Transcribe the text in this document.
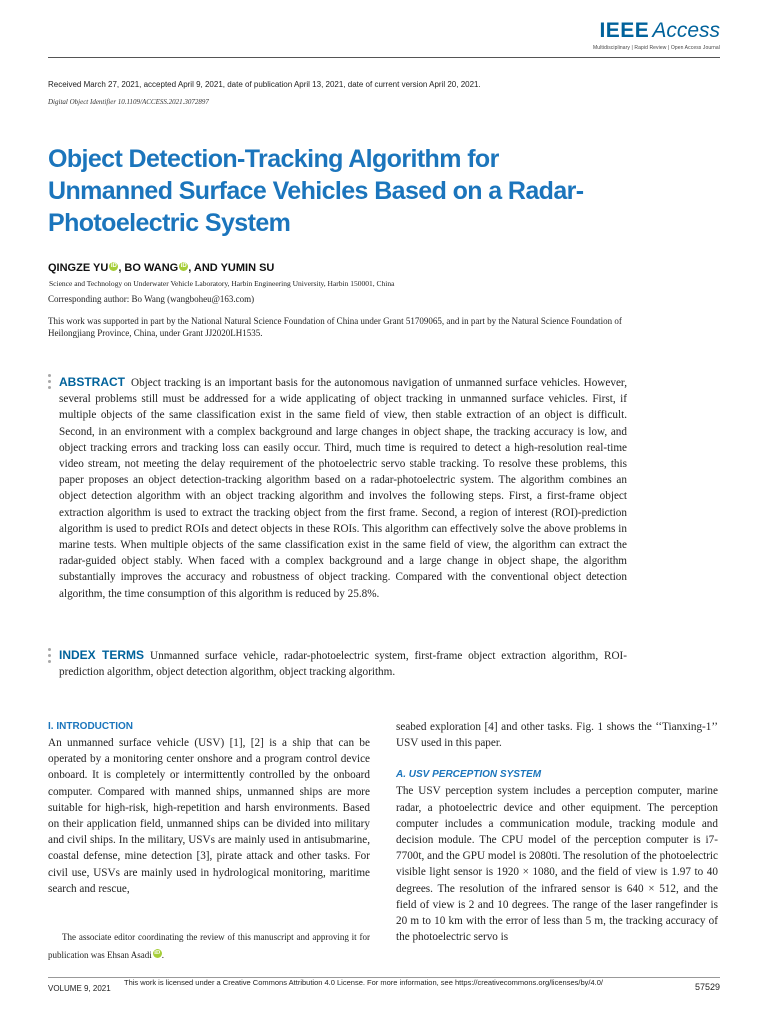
IEEE Access
Multidisciplinary | Rapid Review | Open Access Journal
Received March 27, 2021, accepted April 9, 2021, date of publication April 13, 2021, date of current version April 20, 2021.
Digital Object Identifier 10.1109/ACCESS.2021.3072897
Object Detection-Tracking Algorithm for Unmanned Surface Vehicles Based on a Radar-Photoelectric System
QINGZE YU iD , BO WANG iD , AND YUMIN SU
Science and Technology on Underwater Vehicle Laboratory, Harbin Engineering University, Harbin 150001, China
Corresponding author: Bo Wang (wangboheu@163.com)
This work was supported in part by the National Natural Science Foundation of China under Grant 51709065, and in part by the Natural Science Foundation of Heilongjiang Province, China, under Grant JJ2020LH1535.
ABSTRACT Object tracking is an important basis for the autonomous navigation of unmanned surface vehicles. However, several problems still must be addressed for a wide applicating of object tracking in unmanned surface vehicles. First, if multiple objects of the same classification exist in the same field of view, then stable extraction of an object is difficult. Second, in an environment with a complex background and large changes in object shape, the tracking accuracy is low, and object tracking errors and tracking loss can easily occur. Third, much time is required to detect a high-resolution real-time video stream, not meeting the delay requirement of the photoelectric servo stable tracking. To resolve these problems, this paper proposes an object detection-tracking algorithm based on a radar-photoelectric system. The algorithm combines an object detection algorithm with an object tracking algorithm and involves the following steps. First, a first-frame object extraction algorithm is used to extract the tracking object from the first frame. Second, a region of interest (ROI)-prediction algorithm is used to predict ROIs and detect objects in these ROIs. This algorithm can effectively solve the above problems in marine tests. When multiple objects of the same classification exist in the same field of view, the algorithm can extract the radar-guided object stably. When faced with a complex background and a large change in object shape, the algorithm substantially improves the accuracy and robustness of object tracking. Compared with the conventional object detection algorithm, the time consumption of this algorithm is reduced by 25.8%.
INDEX TERMS Unmanned surface vehicle, radar-photoelectric system, first-frame object extraction algorithm, ROI-prediction algorithm, object detection algorithm, object tracking algorithm.

I. INTRODUCTION

An unmanned surface vehicle (USV) [1], [2] is a ship that can be operated by a monitoring center onshore and a program control device onboard. It is completely or intermittently controlled by the onboard computer. Compared with manned ships, unmanned ships are more suitable for high-risk, high-repetition and harsh environments. Based on their application field, unmanned ships can be divided into military and civil ships. In the military, USVs are mainly used in antisubmarine, coastal defense, mine detection [3], pirate attack and other tasks. For civil use, USVs are mainly used in hydrological monitoring, maritime search and rescue,

The associate editor coordinating the review of this manuscript and approving it for publication was Ehsan Asadi iD .

seabed exploration [4] and other tasks. Fig. 1 shows the ‘‘Tianxing-1’’ USV used in this paper.

A. USV PERCEPTION SYSTEM

The USV perception system includes a perception computer, marine radar, a photoelectric device and other equipment. The perception computer includes a communication module, tracking module and decision module. The CPU model of the perception computer is i7-7700t, and the GPU model is 2080ti. The resolution of the photoelectric visible light sensor is 1920 × 1080, and the field of view is 1.97 to 40 degrees. The resolution of the infrared sensor is 640 × 512, and the field of view is 2 and 10 degrees. The range of the laser rangefinder is 20 m to 10 km with the error of less than 5 m, the tracking accuracy of the photoelectric servo is

VOLUME 9, 2021
This work is licensed under a Creative Commons Attribution 4.0 License. For more information, see https://creativecommons.org/licenses/by/4.0/	57529
